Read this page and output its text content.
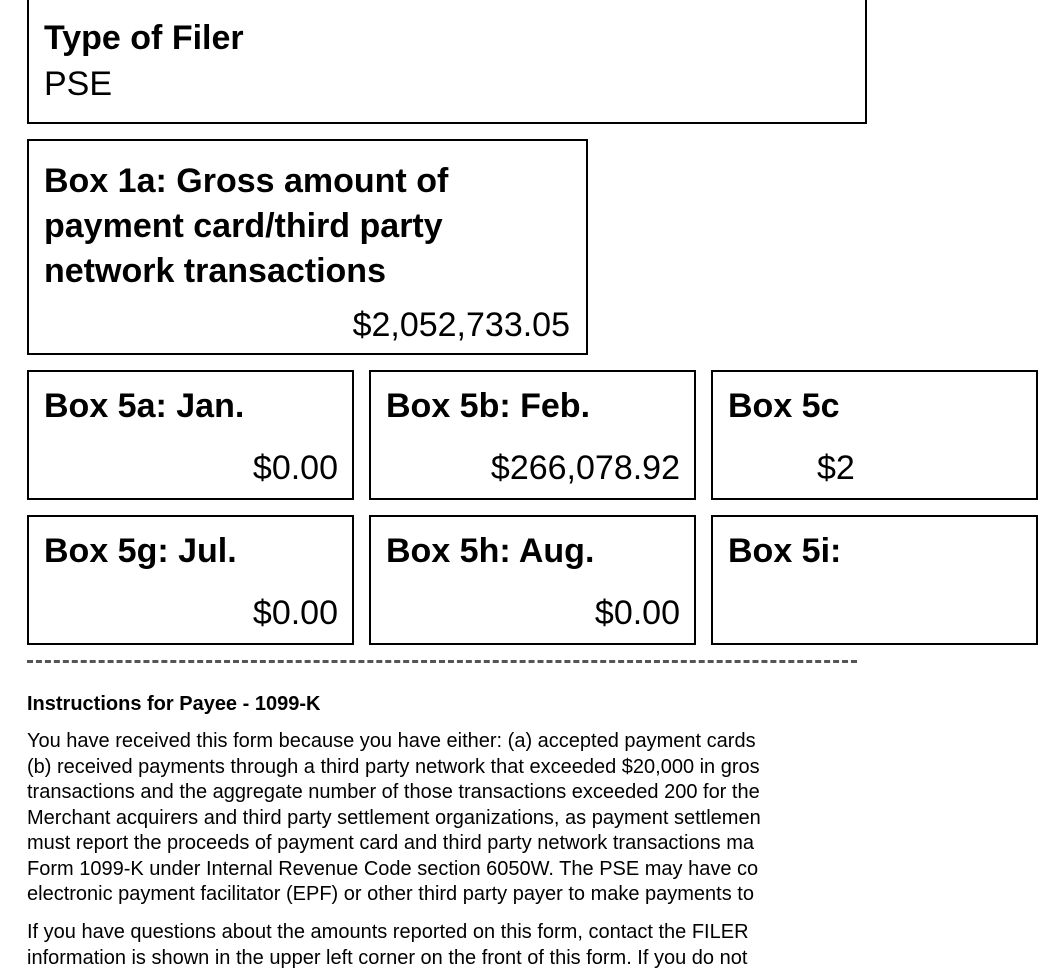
Type of Filer
PSE
Box 1a: Gross amount of payment card/third party network transactions
$2,052,733.05
Box 5a: Jan.
$0.00
Box 5b: Feb.
$266,078.92
Box 5c
$2
Box 5g: Jul.
$0.00
Box 5h: Aug.
$0.00
Box 5i:
Instructions for Payee - 1099-K
You have received this form because you have either: (a) accepted payment cards
(b) received payments through a third party network that exceeded $20,000 in gros
transactions and the aggregate number of those transactions exceeded 200 for the
Merchant acquirers and third party settlement organizations, as payment settlemen
must report the proceeds of payment card and third party network transactions ma
Form 1099-K under Internal Revenue Code section 6050W. The PSE may have co
electronic payment facilitator (EPF) or other third party payer to make payments to
If you have questions about the amounts reported on this form, contact the FILER
information is shown in the upper left corner on the front of this form. If you do not
